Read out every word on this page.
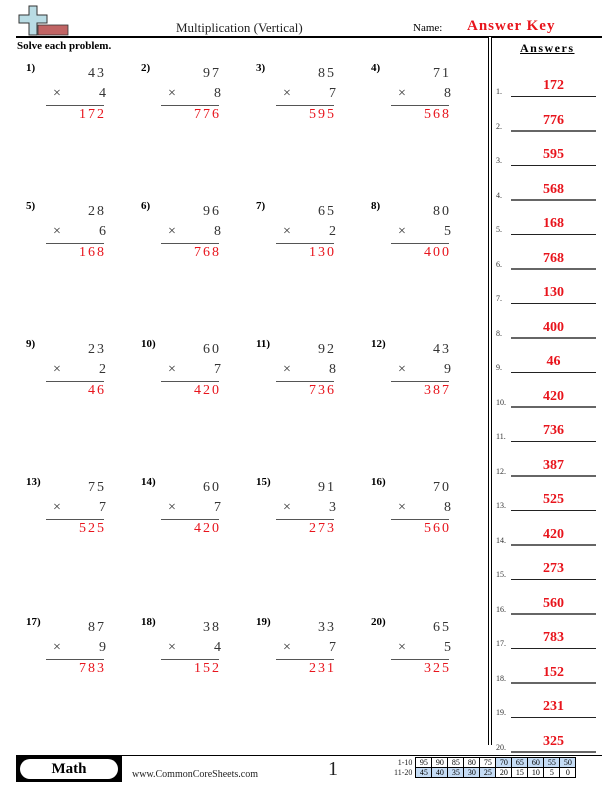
Multiplication (Vertical)	Name: Answer Key
Solve each problem.	Answers
1)	43
×	4
172
2)	97
×	8
776
3)	85
×	7
595
4)	71
×	8
568
5)	28
×	6
168
6)	96
×	8
768
7)	65
×	2
130
8)	80
×	5
400
9)	23
×	2
46
10)	60
×	7
420
11)	92
×	8
736
12)	43
×	9
387
13)	75
×	7
525
14)	60
×	7
420
15)	91
×	3
273
16)	70
×	8
560
17)	87
×	9
783
18)	38
×	4
152
19)	33
×	7
231
20)	65
×	5
325
1.	172
2.	776
3.	595
4.	568
5.	168
6.	768
7.	130
8.	400
9.	46
10.	420
11.	736
12.	387
13.	525
14.	420
15.	273
16.	560
17.	783
18.	152
19.	231
20.	325
Math	www.CommonCoreSheets.com	1	1-10	95	90	85	80	75	70	65	60	55	50
11-20	45	40	35	30	25	20	15	10	5	0
